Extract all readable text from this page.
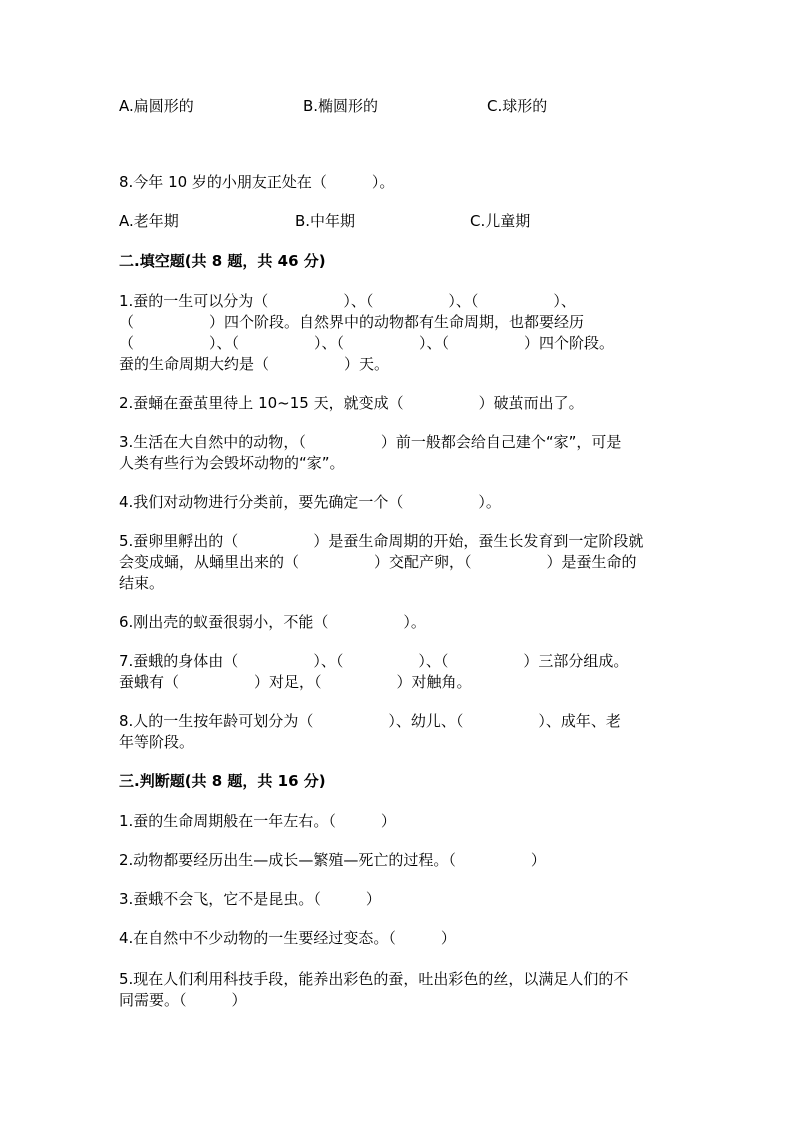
A.扁圆形的	B.椭圆形的	C.球形的
8.今年 10 岁的小朋友正处在（　　　）。
A.老年期	B.中年期	C.儿童期
二.填空题(共 8 题，共 46 分)
1.蚕的一生可以分为（　　　　　）、（　　　　　）、（　　　　　）、
（　　　　　）四个阶段。自然界中的动物都有生命周期，也都要经历
（　　　　　）、（　　　　　）、（　　　　　）、（　　　　　）四个阶段。
蚕的生命周期大约是（　　　　　）天。
2.蚕蛹在蚕茧里待上 10~15 天，就变成（　　　　　）破茧而出了。
3.生活在大自然中的动物，（　　　　　）前一般都会给自己建个“家”，可是
人类有些行为会毁坏动物的“家”。
4.我们对动物进行分类前，要先确定一个（　　　　　）。
5.蚕卵里孵出的（　　　　　）是蚕生命周期的开始，蚕生长发育到一定阶段就
会变成蛹，从蛹里出来的（　　　　　）交配产卵，（　　　　　）是蚕生命的
结束。
6.刚出壳的蚁蚕很弱小，不能（　　　　　）。
7.蚕蛾的身体由（　　　　　）、（　　　　　）、（　　　　　）三部分组成。
蚕蛾有（　　　　　）对足，（　　　　　）对触角。
8.人的一生按年龄可划分为（　　　　　）、幼儿、（　　　　　）、成年、老
年等阶段。
三.判断题(共 8 题，共 16 分)
1.蚕的生命周期般在一年左右。（　　　）
2.动物都要经历出生—成长—繁殖—死亡的过程。（　　　　　）
3.蚕蛾不会飞，它不是昆虫。（　　　）
4.在自然中不少动物的一生要经过变态。（　　　）
5.现在人们利用科技手段，能养出彩色的蚕，吐出彩色的丝，以满足人们的不
同需要。（　　　）
